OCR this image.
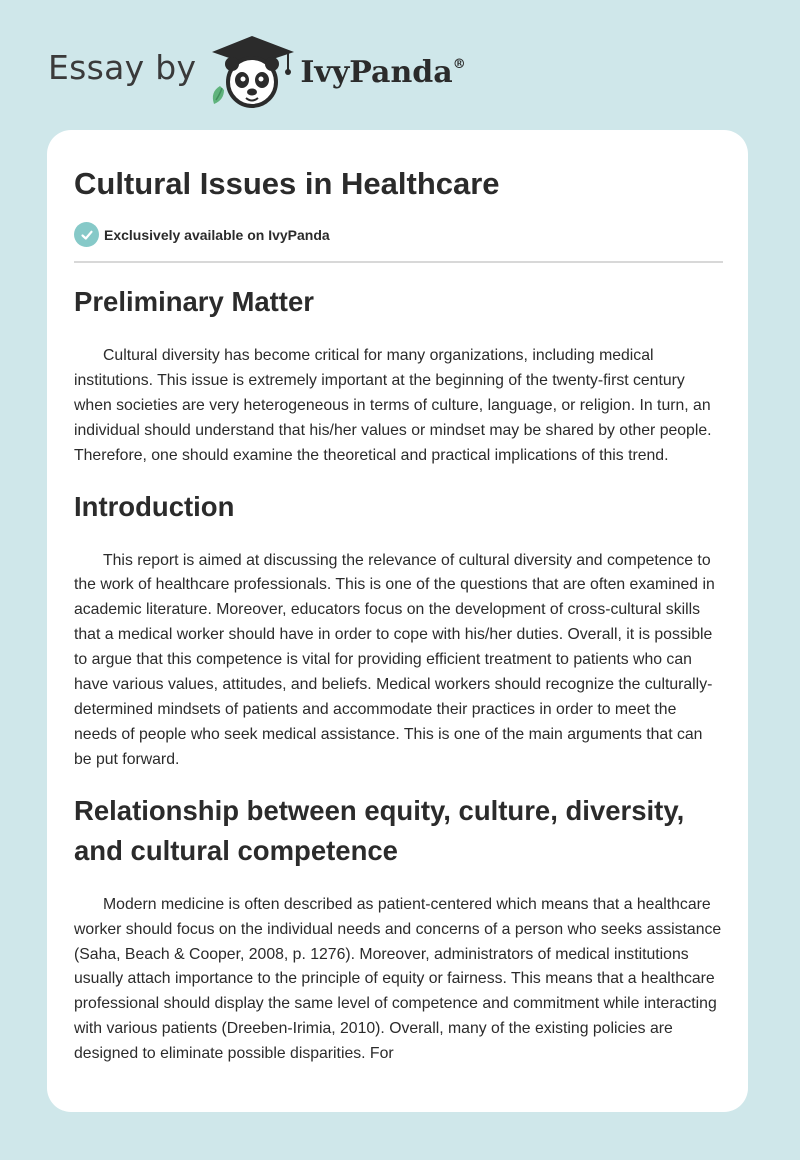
Essay by	IvyPanda®
Cultural Issues in Healthcare
Exclusively available on IvyPanda
Preliminary Matter

Cultural diversity has become critical for many organizations, including medical institutions. This issue is extremely important at the beginning of the twenty-first century when societies are very heterogeneous in terms of culture, language, or religion. In turn, an individual should understand that his/her values or mindset may be shared by other people. Therefore, one should examine the theoretical and practical implications of this trend.

Introduction

This report is aimed at discussing the relevance of cultural diversity and competence to the work of healthcare professionals. This is one of the questions that are often examined in academic literature. Moreover, educators focus on the development of cross-cultural skills that a medical worker should have in order to cope with his/her duties. Overall, it is possible to argue that this competence is vital for providing efficient treatment to patients who can have various values, attitudes, and beliefs. Medical workers should recognize the culturally-determined mindsets of patients and accommodate their practices in order to meet the needs of people who seek medical assistance. This is one of the main arguments that can be put forward.

Relationship between equity, culture, diversity, and cultural competence

Modern medicine is often described as patient-centered which means that a healthcare worker should focus on the individual needs and concerns of a person who seeks assistance (Saha, Beach & Cooper, 2008, p. 1276). Moreover, administrators of medical institutions usually attach importance to the principle of equity or fairness. This means that a healthcare professional should display the same level of competence and commitment while interacting with various patients (Dreeben-Irimia, 2010). Overall, many of the existing policies are designed to eliminate possible disparities. For
